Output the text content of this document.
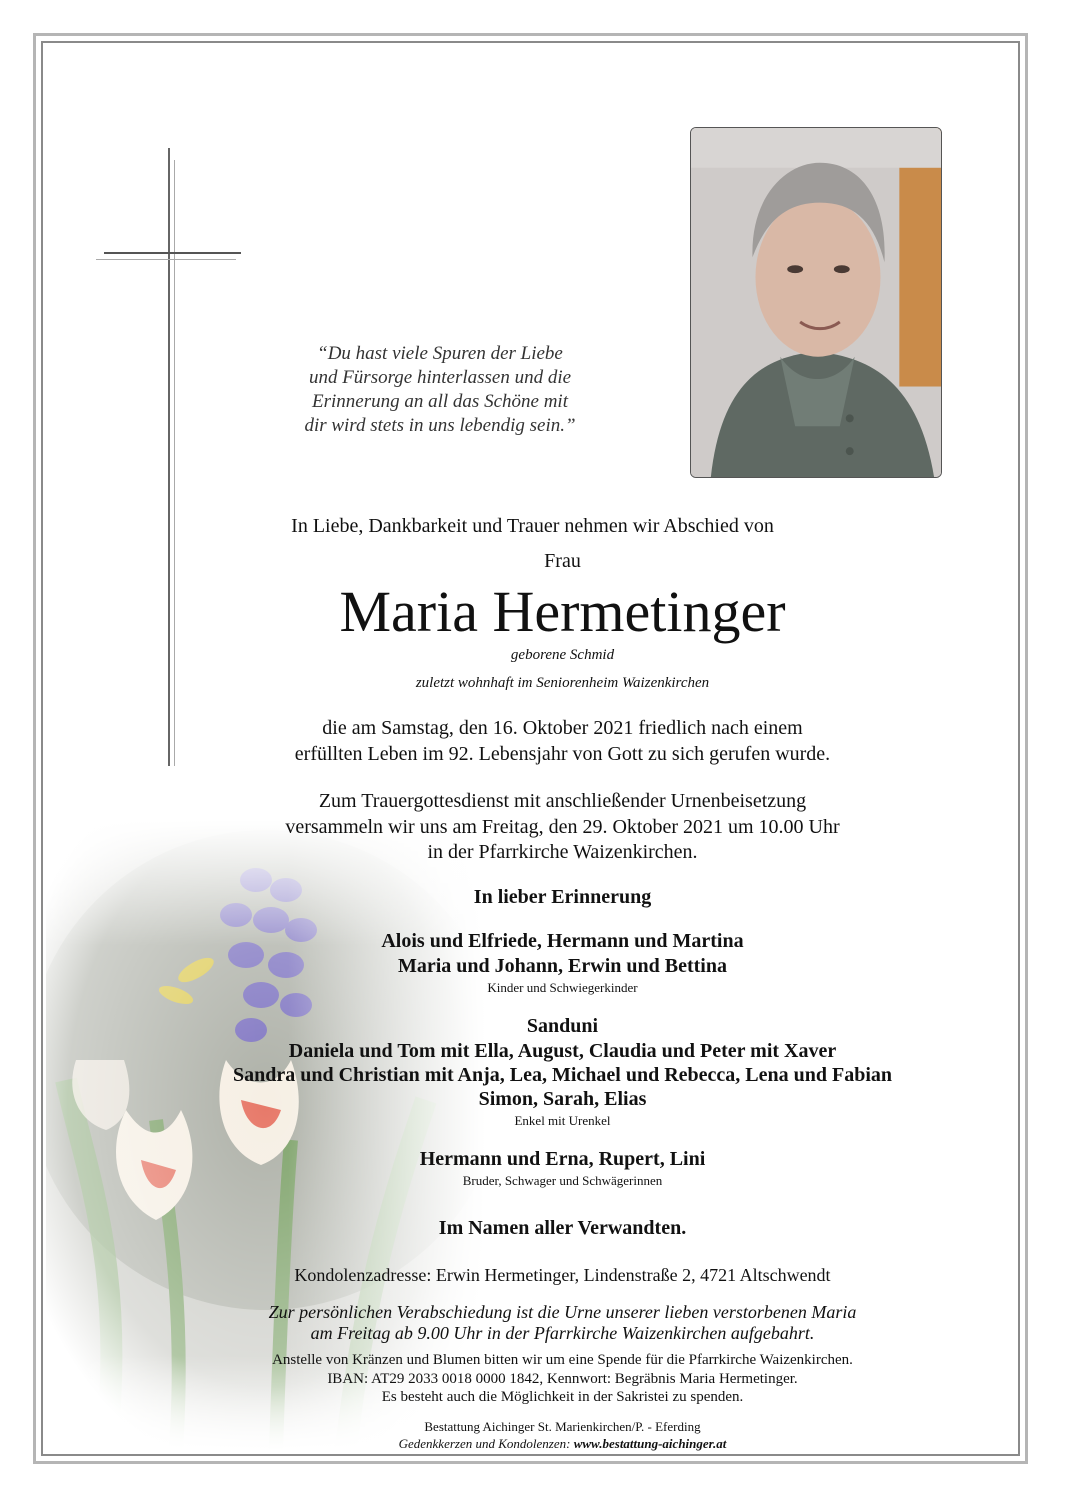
“Du hast viele Spuren der Liebe
und Fürsorge hinterlassen und die
Erinnerung an all das Schöne mit
dir wird stets in uns lebendig sein.”
In Liebe, Dankbarkeit und Trauer nehmen wir Abschied von
Frau
Maria Hermetinger
geborene Schmid
zuletzt wohnhaft im Seniorenheim Waizenkirchen
die am Samstag, den 16. Oktober 2021 friedlich nach einem
erfüllten Leben im 92. Lebensjahr von Gott zu sich gerufen wurde.
Zum Trauergottesdienst mit anschließender Urnenbeisetzung
versammeln wir uns am Freitag, den 29. Oktober 2021 um 10.00 Uhr
in der Pfarrkirche Waizenkirchen.
In lieber Erinnerung
Alois und Elfriede, Hermann und Martina
Maria und Johann, Erwin und Bettina
Kinder und Schwiegerkinder
Sanduni
Daniela und Tom mit Ella, August, Claudia und Peter mit Xaver
Sandra und Christian mit Anja, Lea, Michael und Rebecca, Lena und Fabian
Simon, Sarah, Elias
Enkel mit Urenkel
Hermann und Erna, Rupert, Lini
Bruder, Schwager und Schwägerinnen
Im Namen aller Verwandten.
Kondolenzadresse: Erwin Hermetinger, Lindenstraße 2, 4721 Altschwendt
Zur persönlichen Verabschiedung ist die Urne unserer lieben verstorbenen Maria
am Freitag ab 9.00 Uhr in der Pfarrkirche Waizenkirchen aufgebahrt.
Anstelle von Kränzen und Blumen bitten wir um eine Spende für die Pfarrkirche Waizenkirchen.
IBAN: AT29 2033 0018 0000 1842, Kennwort: Begräbnis Maria Hermetinger.
Es besteht auch die Möglichkeit in der Sakristei zu spenden.
Bestattung Aichinger St. Marienkirchen/P. - Eferding
Gedenkkerzen und Kondolenzen: www.bestattung-aichinger.at
